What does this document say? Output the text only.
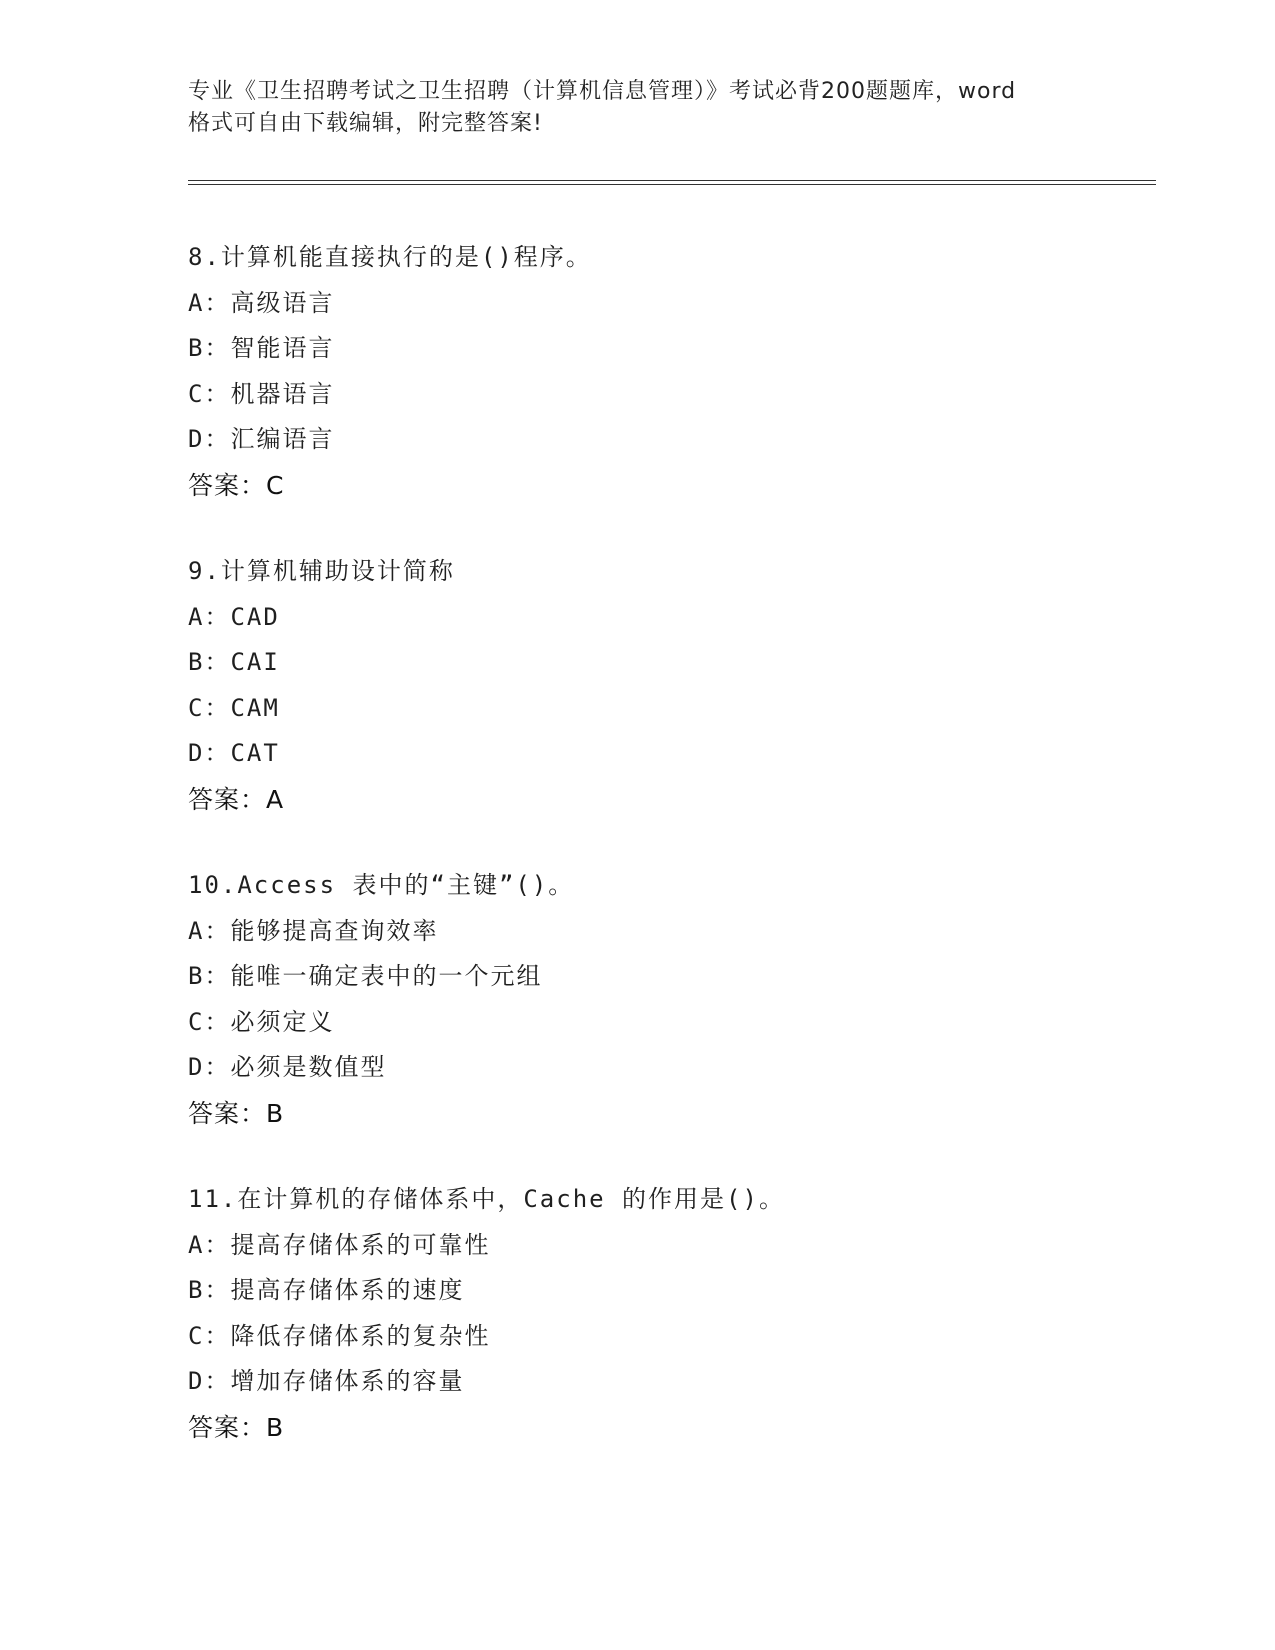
专业《卫生招聘考试之卫生招聘（计算机信息管理）》考试必背200题题库，word
格式可自由下载编辑，附完整答案!
8.计算机能直接执行的是()程序。
A：高级语言
B：智能语言
C：机器语言
D：汇编语言
答案：C
9.计算机辅助设计简称
A：CAD
B：CAI
C：CAM
D：CAT
答案：A
10.Access 表中的“主键”()。
A：能够提高查询效率
B：能唯一确定表中的一个元组
C：必须定义
D：必须是数值型
答案：B
11.在计算机的存储体系中，Cache 的作用是()。
A：提高存储体系的可靠性
B：提高存储体系的速度
C：降低存储体系的复杂性
D：增加存储体系的容量
答案：B
